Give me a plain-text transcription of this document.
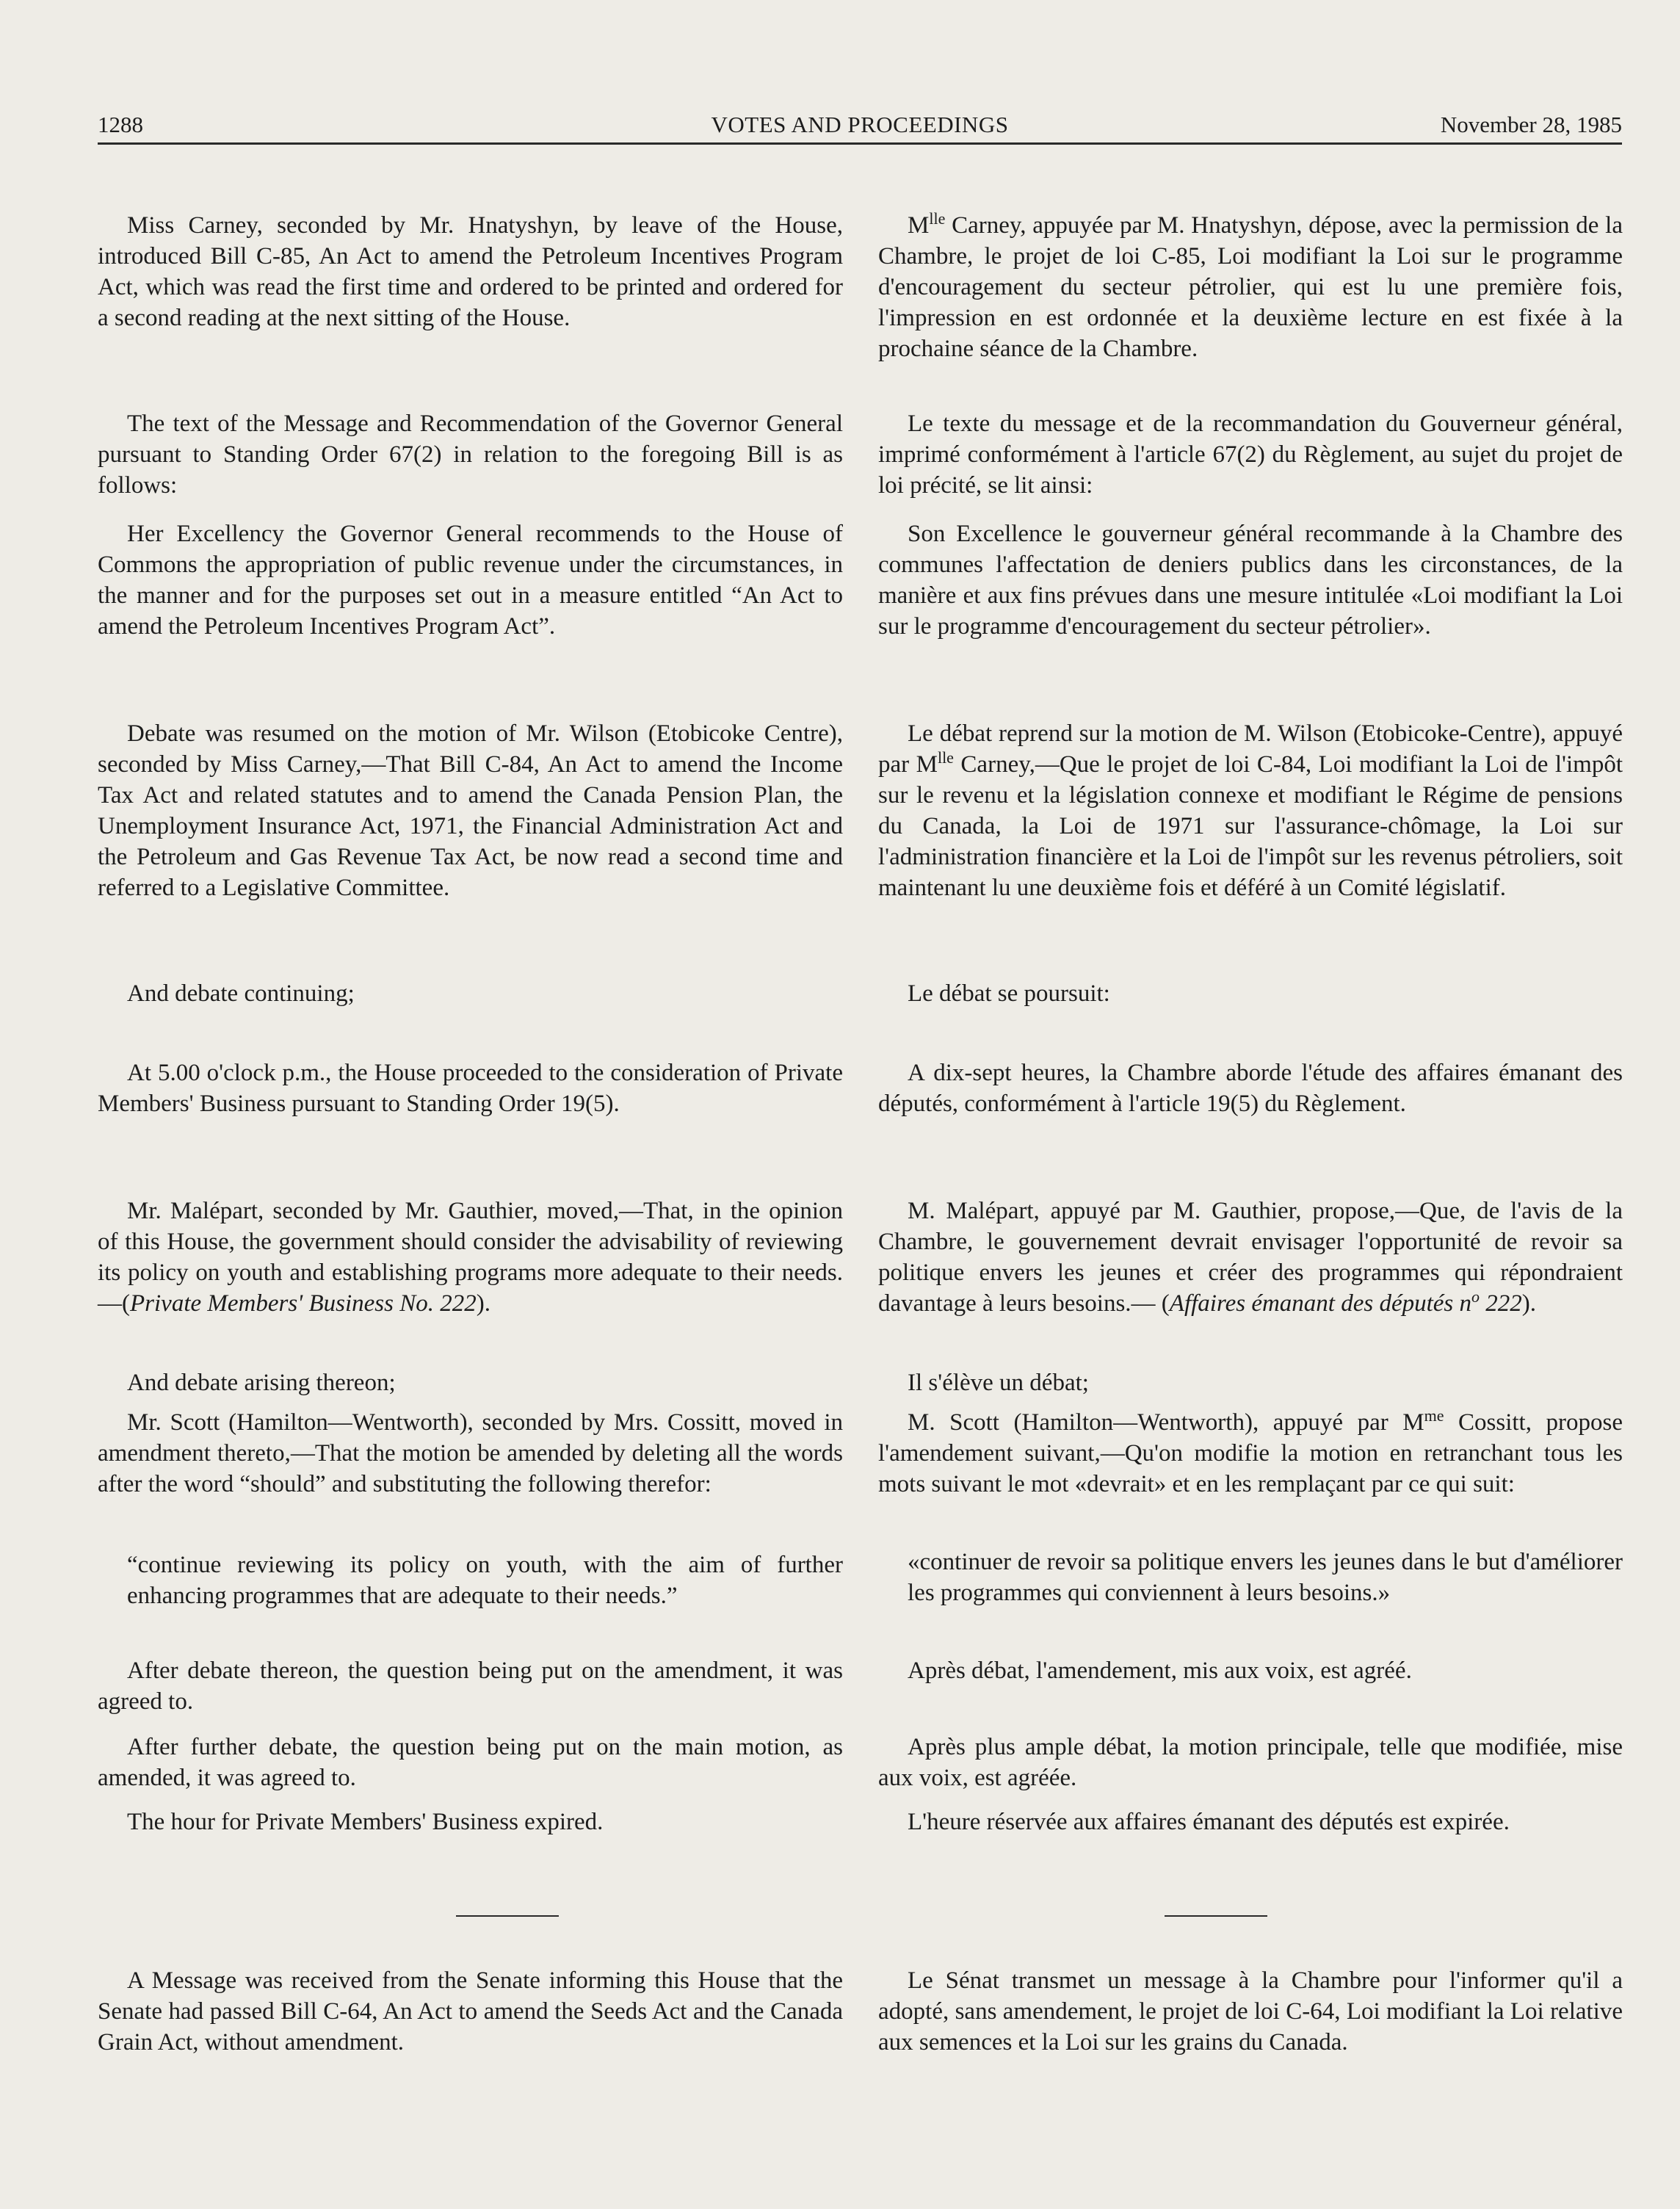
1288	VOTES AND PROCEEDINGS	November 28, 1985

Miss Carney, seconded by Mr. Hnatyshyn, by leave of the House, introduced Bill C-85, An Act to amend the Petroleum Incentives Program Act, which was read the first time and ordered to be printed and ordered for a second reading at the next sitting of the House.

The text of the Message and Recommendation of the Governor General pursuant to Standing Order 67(2) in relation to the foregoing Bill is as follows:

Her Excellency the Governor General recommends to the House of Commons the appropriation of public revenue under the circumstances, in the manner and for the purposes set out in a measure entitled “An Act to amend the Petroleum Incentives Program Act”.

Debate was resumed on the motion of Mr. Wilson (Etobicoke Centre), seconded by Miss Carney,—That Bill C-84, An Act to amend the Income Tax Act and related statutes and to amend the Canada Pension Plan, the Unemployment Insurance Act, 1971, the Financial Administration Act and the Petroleum and Gas Revenue Tax Act, be now read a second time and referred to a Legislative Committee.

And debate continuing;

At 5.00 o'clock p.m., the House proceeded to the consideration of Private Members' Business pursuant to Standing Order 19(5).

Mr. Malépart, seconded by Mr. Gauthier, moved,—That, in the opinion of this House, the government should consider the advisability of reviewing its policy on youth and establishing programs more adequate to their needs.—(Private Members' Business No. 222).

And debate arising thereon;

Mr. Scott (Hamilton—Wentworth), seconded by Mrs. Cossitt, moved in amendment thereto,—That the motion be amended by deleting all the words after the word “should” and substituting the following therefor:

“continue reviewing its policy on youth, with the aim of further enhancing programmes that are adequate to their needs.”

After debate thereon, the question being put on the amendment, it was agreed to.

After further debate, the question being put on the main motion, as amended, it was agreed to.

The hour for Private Members' Business expired.

A Message was received from the Senate informing this House that the Senate had passed Bill C-64, An Act to amend the Seeds Act and the Canada Grain Act, without amendment.

$M^{lle}$ Carney, appuyée par M. Hnatyshyn, dépose, avec la permission de la Chambre, le projet de loi C-85, Loi modifiant la Loi sur le programme d'encouragement du secteur pétrolier, qui est lu une première fois, l'impression en est ordonnée et la deuxième lecture en est fixée à la prochaine séance de la Chambre.

Le texte du message et de la recommandation du Gouverneur général, imprimé conformément à l'article 67(2) du Règlement, au sujet du projet de loi précité, se lit ainsi:

Son Excellence le gouverneur général recommande à la Chambre des communes l'affectation de deniers publics dans les circonstances, de la manière et aux fins prévues dans une mesure intitulée «Loi modifiant la Loi sur le programme d'encouragement du secteur pétrolier».

Le débat reprend sur la motion de M. Wilson (Etobicoke-Centre), appuyé par $M^{lle}$ Carney,—Que le projet de loi C-84, Loi modifiant la Loi de l'impôt sur le revenu et la législation connexe et modifiant le Régime de pensions du Canada, la Loi de 1971 sur l'assurance-chômage, la Loi sur l'administration financière et la Loi de l'impôt sur les revenus pétroliers, soit maintenant lu une deuxième fois et déféré à un Comité législatif.

Le débat se poursuit:

A dix-sept heures, la Chambre aborde l'étude des affaires émanant des députés, conformément à l'article 19(5) du Règlement.

M. Malépart, appuyé par M. Gauthier, propose,—Que, de l'avis de la Chambre, le gouvernement devrait envisager l'opportunité de revoir sa politique envers les jeunes et créer des programmes qui répondraient davantage à leurs besoins.— (Affaires émanant des députés $n^o$ 222).

Il s'élève un débat;

M. Scott (Hamilton—Wentworth), appuyé par $M^{me}$ Cossitt, propose l'amendement suivant,—Qu'on modifie la motion en retranchant tous les mots suivant le mot «devrait» et en les remplaçant par ce qui suit:

«continuer de revoir sa politique envers les jeunes dans le but d'améliorer les programmes qui conviennent à leurs besoins.»

Après débat, l'amendement, mis aux voix, est agréé.

Après plus ample débat, la motion principale, telle que modifiée, mise aux voix, est agréée.

L'heure réservée aux affaires émanant des députés est expirée.

Le Sénat transmet un message à la Chambre pour l'informer qu'il a adopté, sans amendement, le projet de loi C-64, Loi modifiant la Loi relative aux semences et la Loi sur les grains du Canada.
